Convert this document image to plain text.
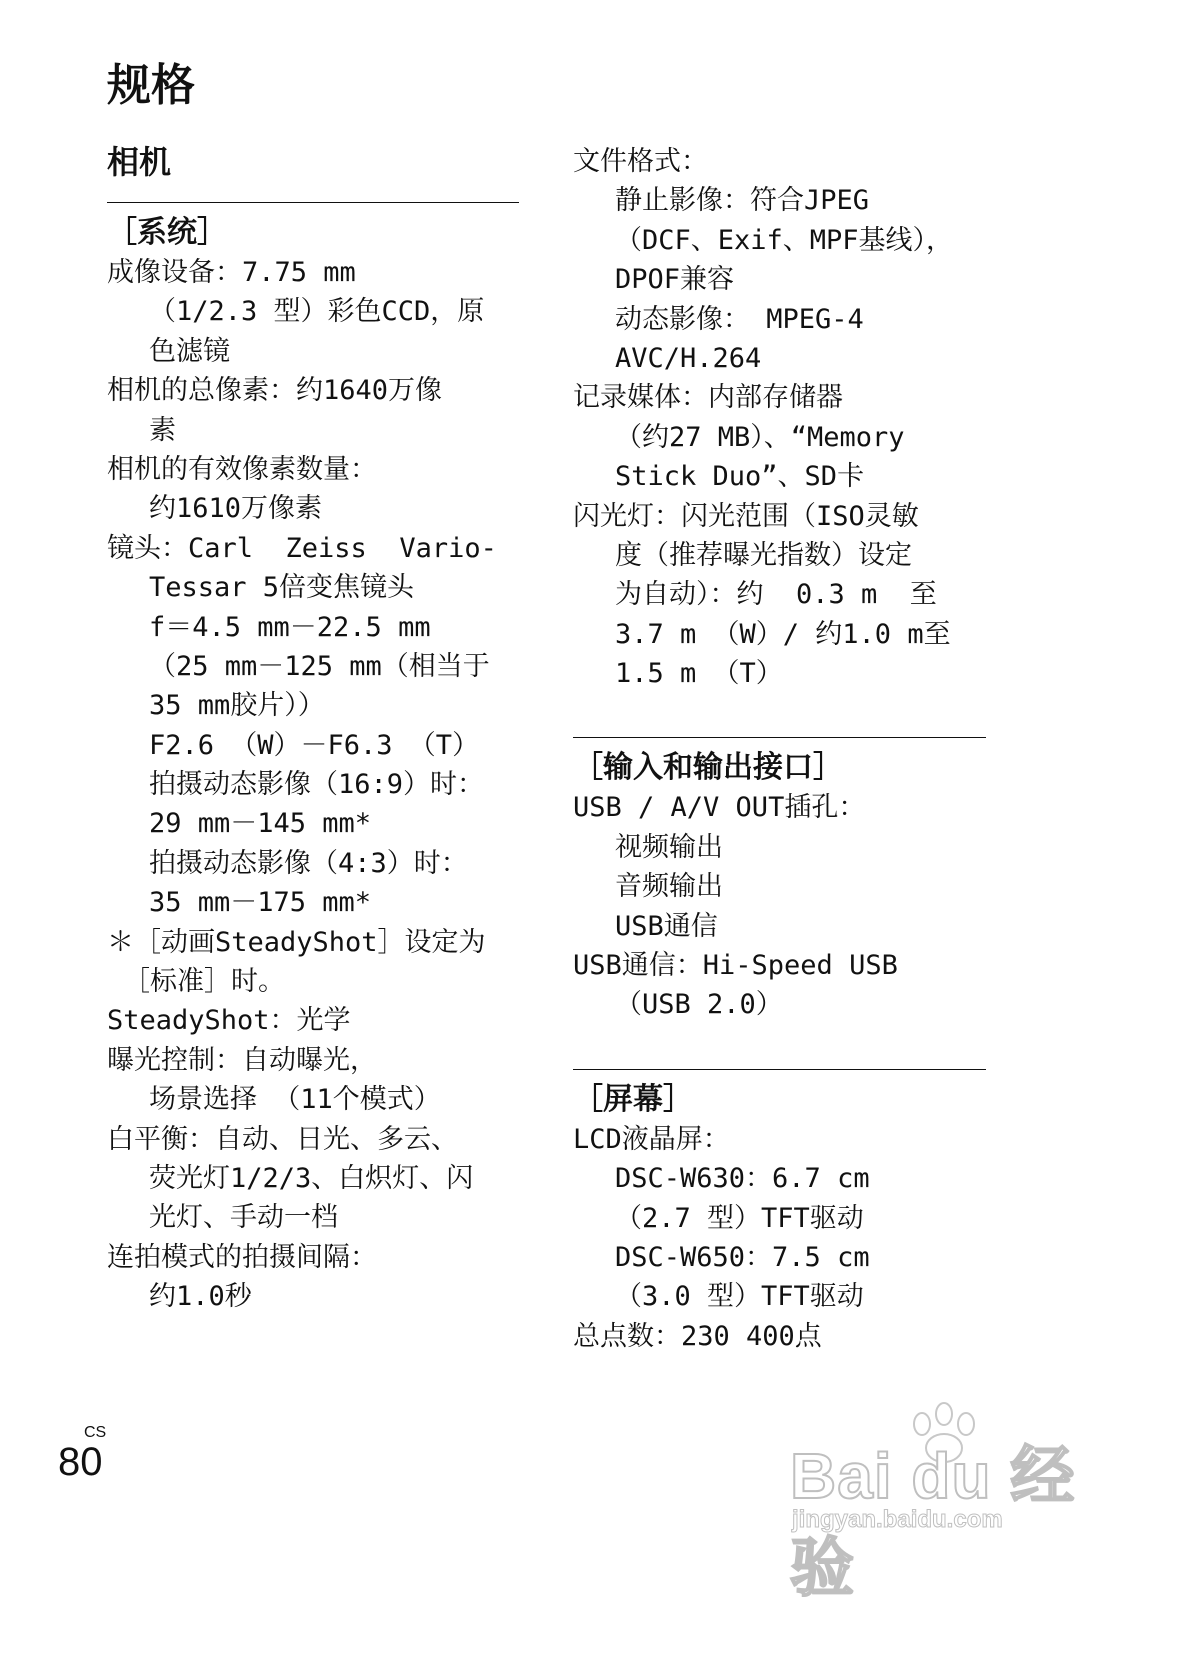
规格
相机
［系统］
成像设备：7.75 mm
（1/2.3 型）彩色CCD，原
色滤镜
相机的总像素：约1640万像
素
相机的有效像素数量：
约1610万像素
镜头：Carl  Zeiss  Vario-
Tessar 5倍变焦镜头
f＝4.5 mm－22.5 mm
（25 mm－125 mm（相当于
35 mm胶片））
F2.6 （W）－F6.3 （T）
拍摄动态影像（16:9）时：
29 mm－145 mm*
拍摄动态影像（4:3）时：
35 mm－175 mm*
＊［动画SteadyShot］设定为
［标准］时。
SteadyShot：光学
曝光控制：自动曝光，
场景选择 （11个模式）
白平衡：自动、日光、多云、
荧光灯1/2/3、白炽灯、闪
光灯、手动一档
连拍模式的拍摄间隔：
约1.0秒
文件格式：
静止影像：符合JPEG
（DCF、Exif、MPF基线），
DPOF兼容
动态影像： MPEG-4
AVC/H.264
记录媒体：内部存储器
（约27 MB）、“Memory
Stick Duo”、SD卡
闪光灯：闪光范围（ISO灵敏
度（推荐曝光指数）设定
为自动）：约  0.3 m  至
3.7 m （W）/ 约1.0 m至
1.5 m （T）
［输入和输出接口］
USB / A/V OUT插孔：
视频输出
音频输出
USB通信
USB通信：Hi-Speed USB
（USB 2.0）
［屏幕］
LCD液晶屏：
DSC-W630：6.7 cm
（2.7 型）TFT驱动
DSC-W650：7.5 cm
（3.0 型）TFT驱动
总点数：230 400点
CS
80	Bai du 经验
jingyan.baidu.com
